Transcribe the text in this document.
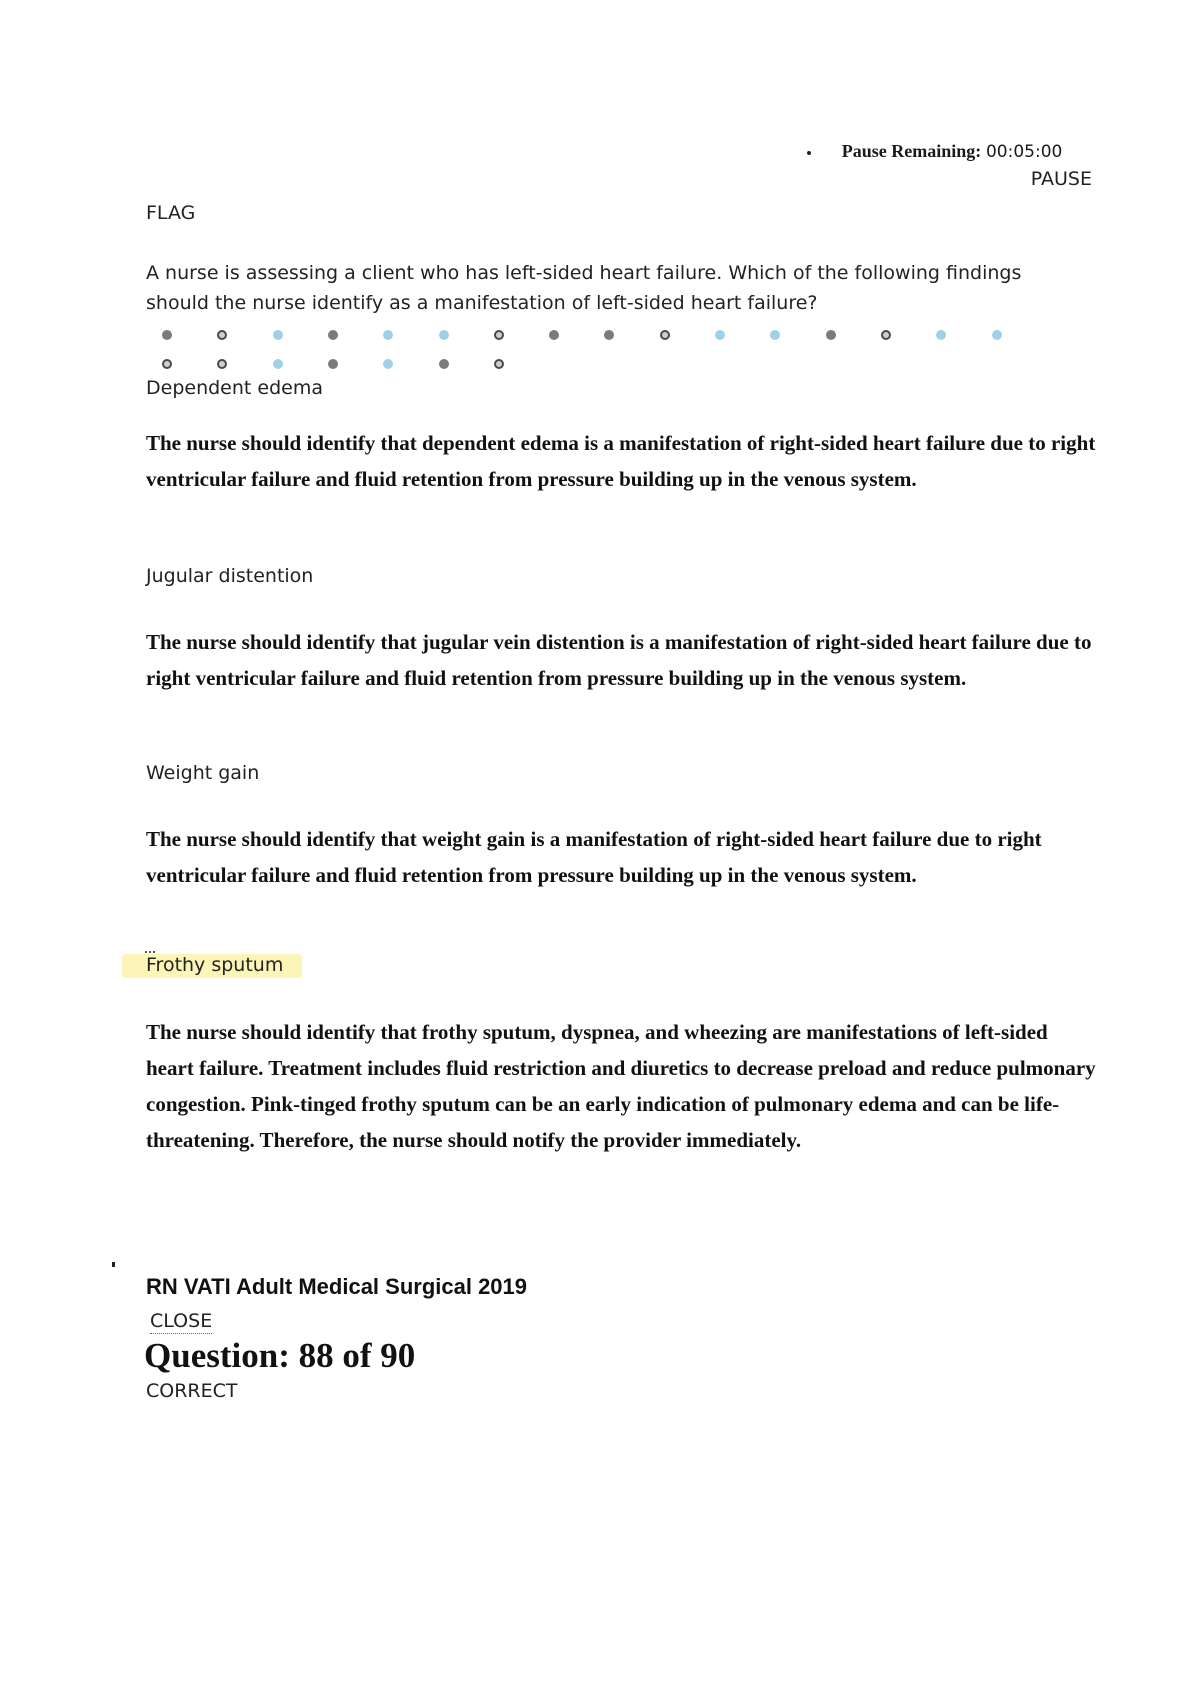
Pause Remaining: 00:05:00
PAUSE
FLAG
A nurse is assessing a client who has left-sided heart failure. Which of the following findings should the nurse identify as a manifestation of left-sided heart failure?
Dependent edema
The nurse should identify that dependent edema is a manifestation of right-sided heart failure due to right ventricular failure and fluid retention from pressure building up in the venous system.
Jugular distention
The nurse should identify that jugular vein distention is a manifestation of right-sided heart failure due to right ventricular failure and fluid retention from pressure building up in the venous system.
Weight gain
The nurse should identify that weight gain is a manifestation of right-sided heart failure due to right ventricular failure and fluid retention from pressure building up in the venous system.
Frothy sputum
The nurse should identify that frothy sputum, dyspnea, and wheezing are manifestations of left-sided heart failure. Treatment includes fluid restriction and diuretics to decrease preload and reduce pulmonary congestion. Pink-tinged frothy sputum can be an early indication of pulmonary edema and can be life-threatening. Therefore, the nurse should notify the provider immediately.
RN VATI Adult Medical Surgical 2019
CLOSE
Question: 88 of 90
CORRECT
